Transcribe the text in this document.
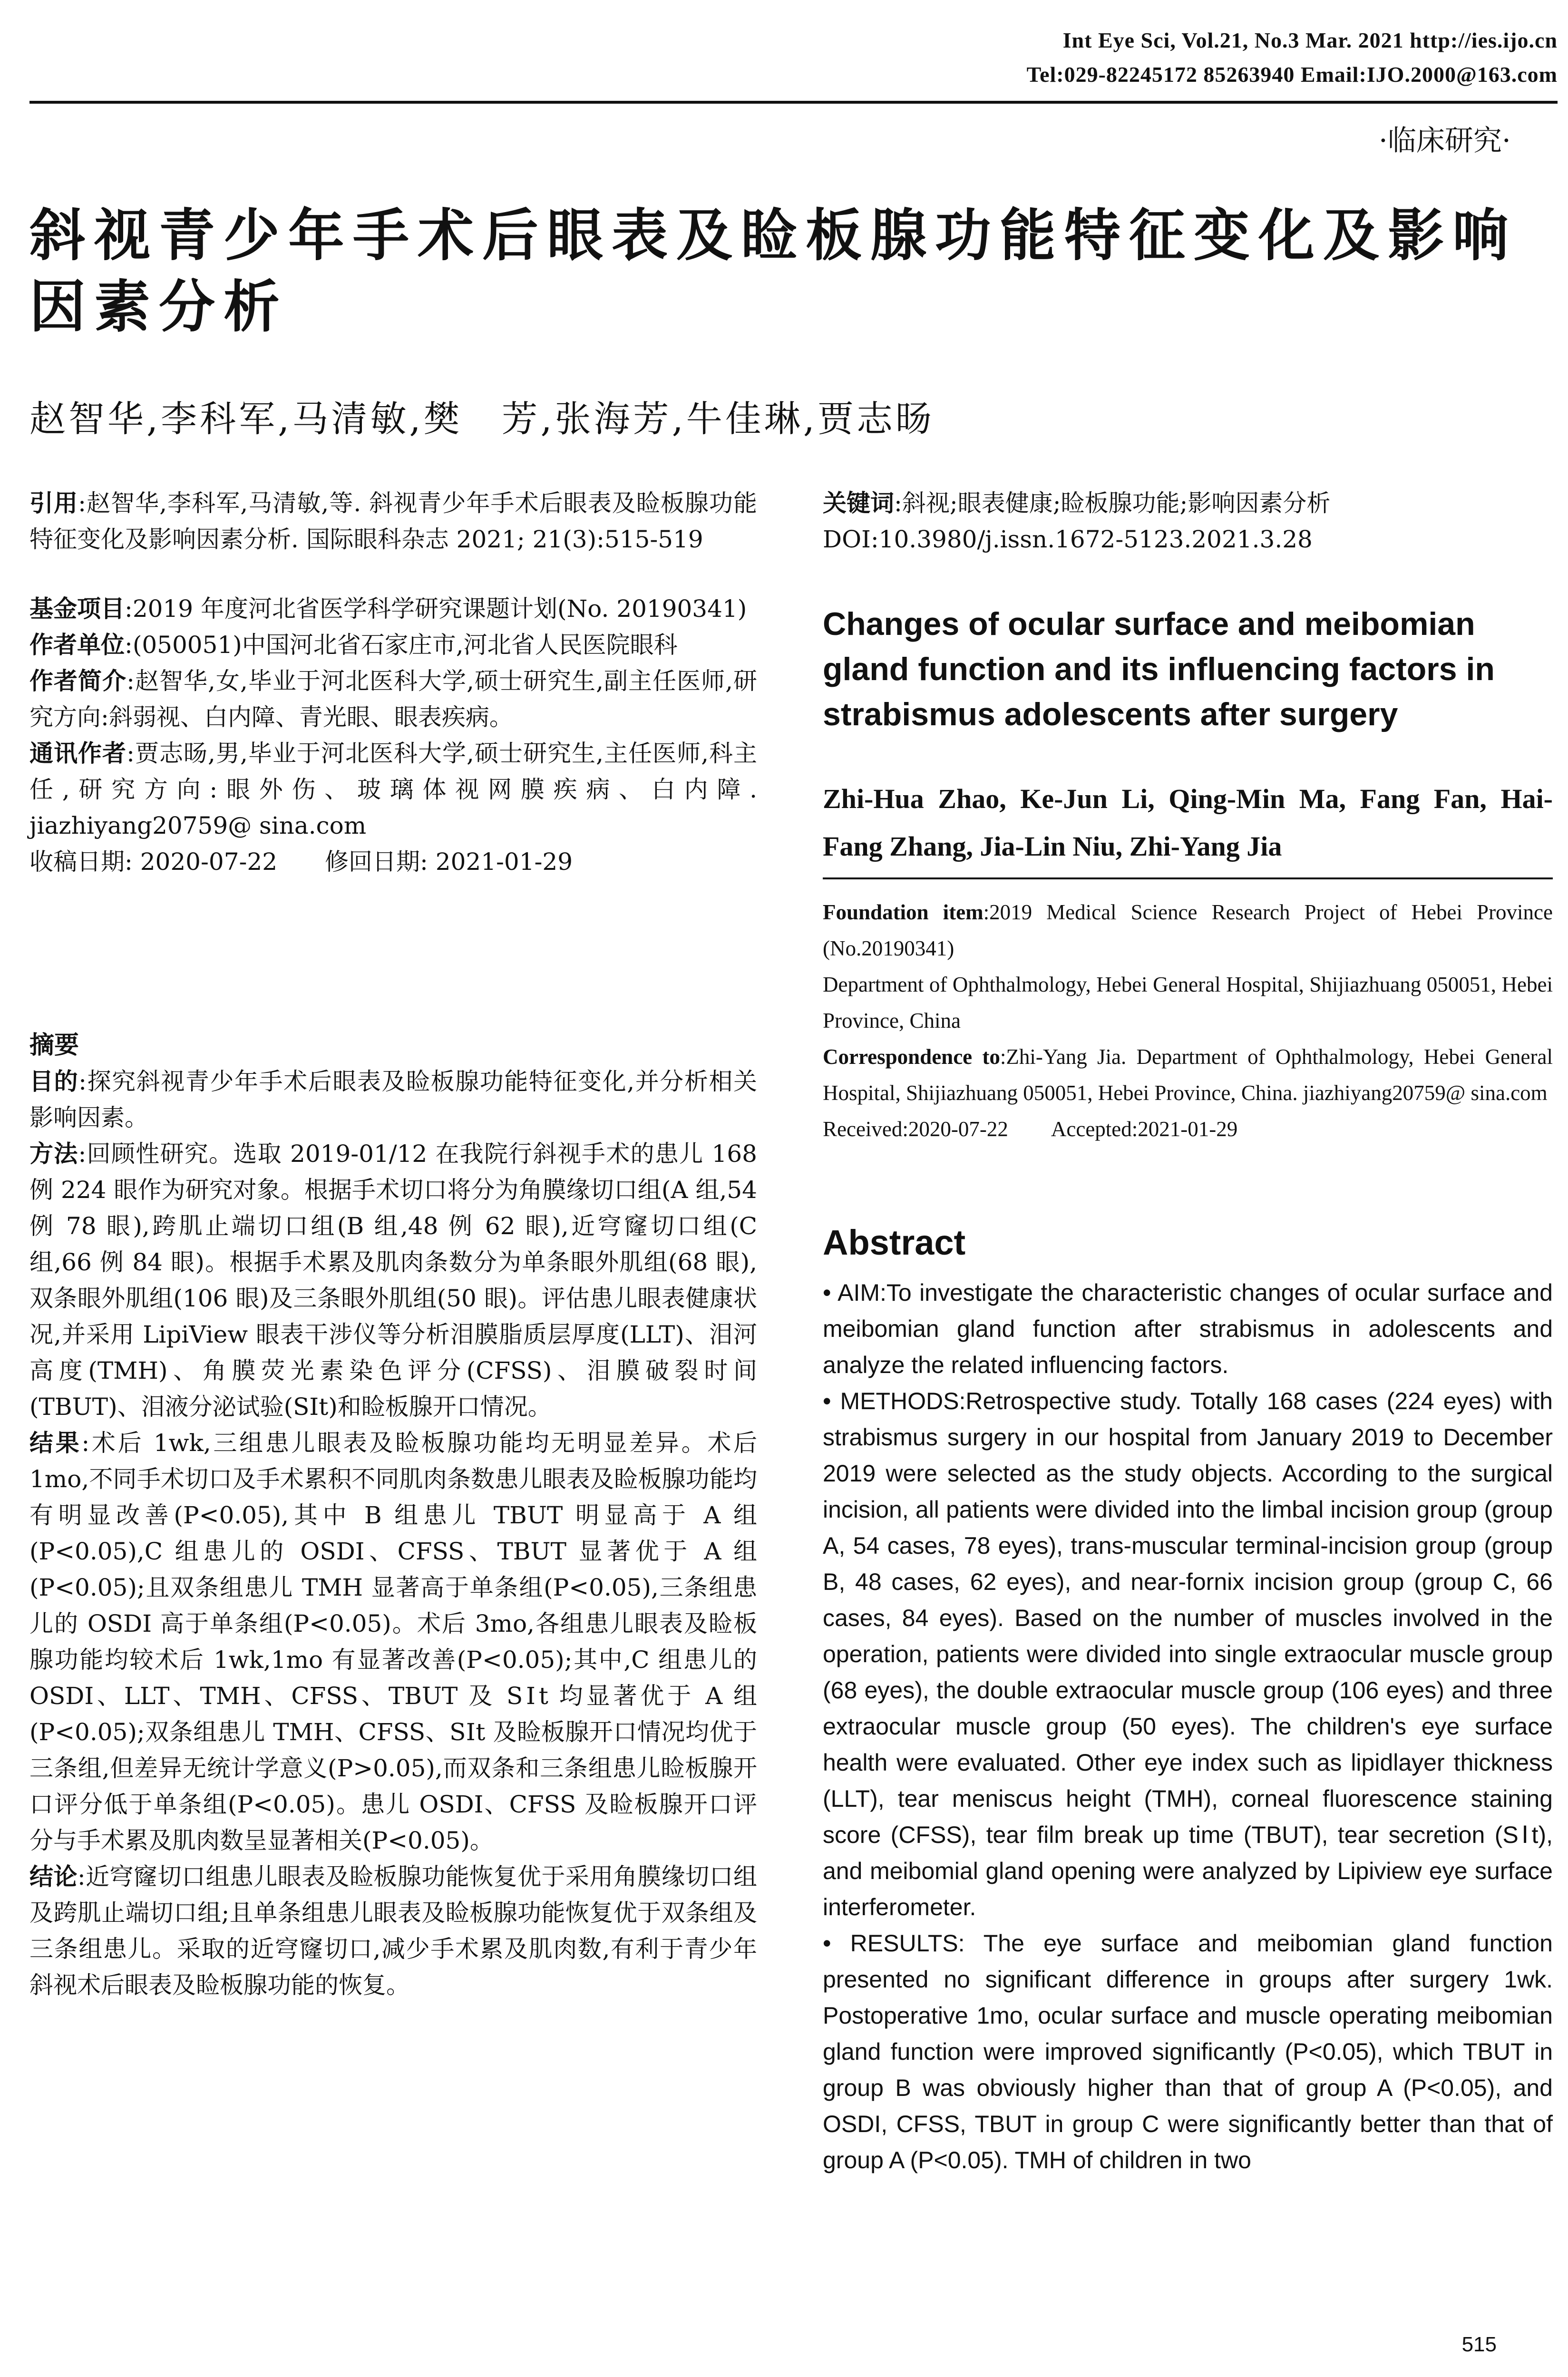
Int Eye Sci, Vol.21, No.3 Mar. 2021 http://ies.ijo.cn
Tel:029-82245172 85263940 Email:IJO.2000@163.com
·临床研究·
斜视青少年手术后眼表及睑板腺功能特征变化及影响因素分析
赵智华,李科军,马清敏,樊　芳,张海芳,牛佳琳,贾志旸

引用:赵智华,李科军,马清敏,等. 斜视青少年手术后眼表及睑板腺功能特征变化及影响因素分析. 国际眼科杂志 2021; 21(3):515-519

基金项目:2019 年度河北省医学科学研究课题计划(No. 20190341)

作者单位:(050051)中国河北省石家庄市,河北省人民医院眼科

作者简介:赵智华,女,毕业于河北医科大学,硕士研究生,副主任医师,研究方向:斜弱视、白内障、青光眼、眼表疾病。

通讯作者:贾志旸,男,毕业于河北医科大学,硕士研究生,主任医师,科主任,研究方向:眼外伤、玻璃体视网膜疾病、白内障. jiazhiyang20759@ sina.com

收稿日期: 2020-07-22　　修回日期: 2021-01-29

摘要

目的:探究斜视青少年手术后眼表及睑板腺功能特征变化,并分析相关影响因素。

方法:回顾性研究。选取 2019-01/12 在我院行斜视手术的患儿 168 例 224 眼作为研究对象。根据手术切口将分为角膜缘切口组(A 组,54 例 78 眼),跨肌止端切口组(B 组,48 例 62 眼),近穹窿切口组(C 组,66 例 84 眼)。根据手术累及肌肉条数分为单条眼外肌组(68 眼),双条眼外肌组(106 眼)及三条眼外肌组(50 眼)。评估患儿眼表健康状况,并采用 LipiView 眼表干涉仪等分析泪膜脂质层厚度(LLT)、泪河高度(TMH)、角膜荧光素染色评分(CFSS)、泪膜破裂时间(TBUT)、泪液分泌试验(SⅠt)和睑板腺开口情况。

结果:术后 1wk,三组患儿眼表及睑板腺功能均无明显差异。术后 1mo,不同手术切口及手术累积不同肌肉条数患儿眼表及睑板腺功能均有明显改善(P<0.05),其中 B 组患儿 TBUT 明显高于 A 组(P<0.05),C 组患儿的 OSDI、CFSS、TBUT 显著优于 A 组(P<0.05);且双条组患儿 TMH 显著高于单条组(P<0.05),三条组患儿的 OSDI 高于单条组(P<0.05)。术后 3mo,各组患儿眼表及睑板腺功能均较术后 1wk,1mo 有显著改善(P<0.05);其中,C 组患儿的 OSDI、LLT、TMH、CFSS、TBUT 及 SⅠt 均显著优于 A 组(P<0.05);双条组患儿 TMH、CFSS、SⅠt 及睑板腺开口情况均优于三条组,但差异无统计学意义(P>0.05),而双条和三条组患儿睑板腺开口评分低于单条组(P<0.05)。患儿 OSDI、CFSS 及睑板腺开口评分与手术累及肌肉数呈显著相关(P<0.05)。

结论:近穹窿切口组患儿眼表及睑板腺功能恢复优于采用角膜缘切口组及跨肌止端切口组;且单条组患儿眼表及睑板腺功能恢复优于双条组及三条组患儿。采取的近穹窿切口,减少手术累及肌肉数,有利于青少年斜视术后眼表及睑板腺功能的恢复。

关键词:斜视;眼表健康;睑板腺功能;影响因素分析

DOI:10.3980/j.issn.1672-5123.2021.3.28

Changes of ocular surface and meibomian gland function and its influencing factors in strabismus adolescents after surgery
Zhi-Hua Zhao, Ke-Jun Li, Qing-Min Ma, Fang Fan, Hai-Fang Zhang, Jia-Lin Niu, Zhi-Yang Jia
Foundation item:2019 Medical Science Research Project of Hebei Province (No.20190341)
Department of Ophthalmology, Hebei General Hospital, Shijiazhuang 050051, Hebei Province, China
Correspondence to:Zhi-Yang Jia. Department of Ophthalmology, Hebei General Hospital, Shijiazhuang 050051, Hebei Province, China. jiazhiyang20759@ sina.com
Received:2020-07-22　　Accepted:2021-01-29
Abstract
• AIM:To investigate the characteristic changes of ocular surface and meibomian gland function after strabismus in adolescents and analyze the related influencing factors.
• METHODS:Retrospective study. Totally 168 cases (224 eyes) with strabismus surgery in our hospital from January 2019 to December 2019 were selected as the study objects. According to the surgical incision, all patients were divided into the limbal incision group (group A, 54 cases, 78 eyes), trans-muscular terminal-incision group (group B, 48 cases, 62 eyes), and near-fornix incision group (group C, 66 cases, 84 eyes). Based on the number of muscles involved in the operation, patients were divided into single extraocular muscle group (68 eyes), the double extraocular muscle group (106 eyes) and three extraocular muscle group (50 eyes). The children's eye surface health were evaluated. Other eye index such as lipidlayer thickness (LLT), tear meniscus height (TMH), corneal fluorescence staining score (CFSS), tear film break up time (TBUT), tear secretion (SⅠt), and meibomial gland opening were analyzed by Lipiview eye surface interferometer.
• RESULTS: The eye surface and meibomian gland function presented no significant difference in groups after surgery 1wk. Postoperative 1mo, ocular surface and muscle operating meibomian gland function were improved significantly (P<0.05), which TBUT in group B was obviously higher than that of group A (P<0.05), and OSDI, CFSS, TBUT in group C were significantly better than that of group A (P<0.05). TMH of children in two
515
